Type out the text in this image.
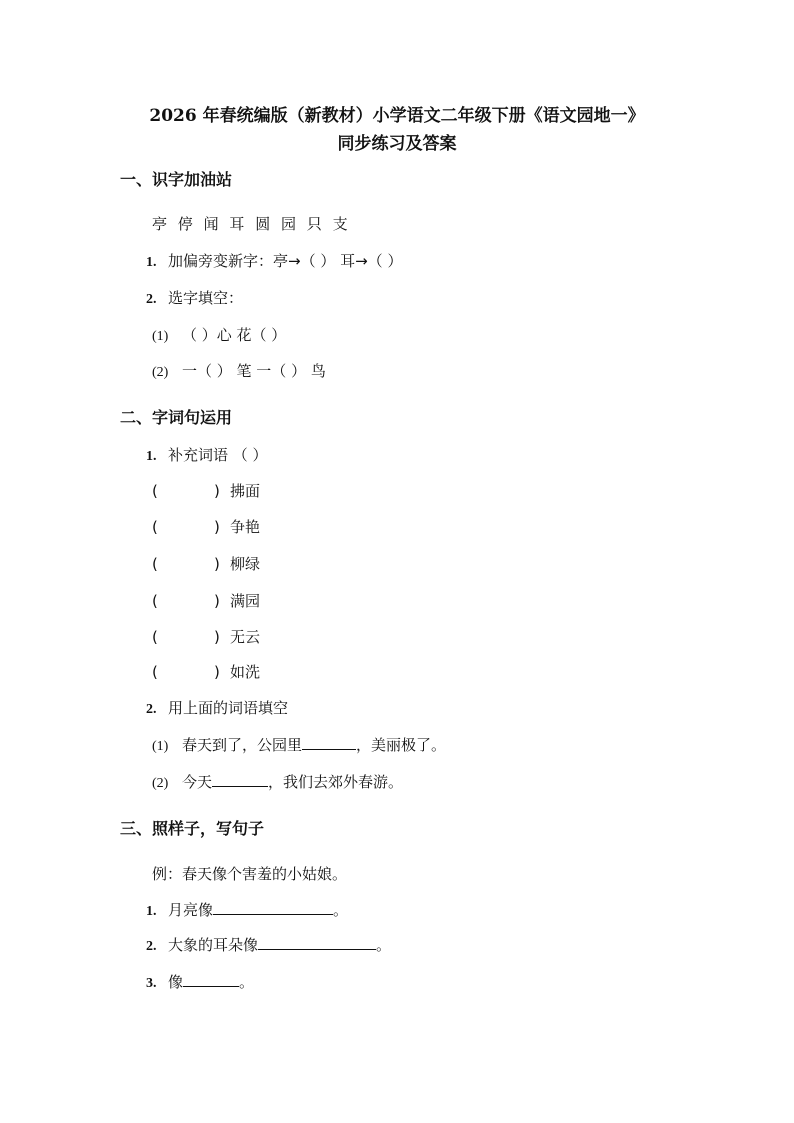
2026 年春统编版（新教材）小学语文二年级下册《语文园地一》
同步练习及答案
一、识字加油站
亭 停 闻 耳 圆 园 只 支
1. 加偏旁变新字：亭→（ ） 耳→（ ）
2. 选字填空：
(1) （ ）心 花（ ）
(2) 一（ ） 笔 一（ ） 鸟
二、字词句运用
1. 补充词语 （ ）
(	) 拂面
(	) 争艳
(	) 柳绿
(	) 满园
(	) 无云
(	) 如洗
2. 用上面的词语填空
(1) 春天到了，公园里	，美丽极了。
(2) 今天	，我们去郊外春游。
三、照样子，写句子
例：春天像个害羞的小姑娘。
1. 月亮像	。
2. 大象的耳朵像	。
3. 像	。
